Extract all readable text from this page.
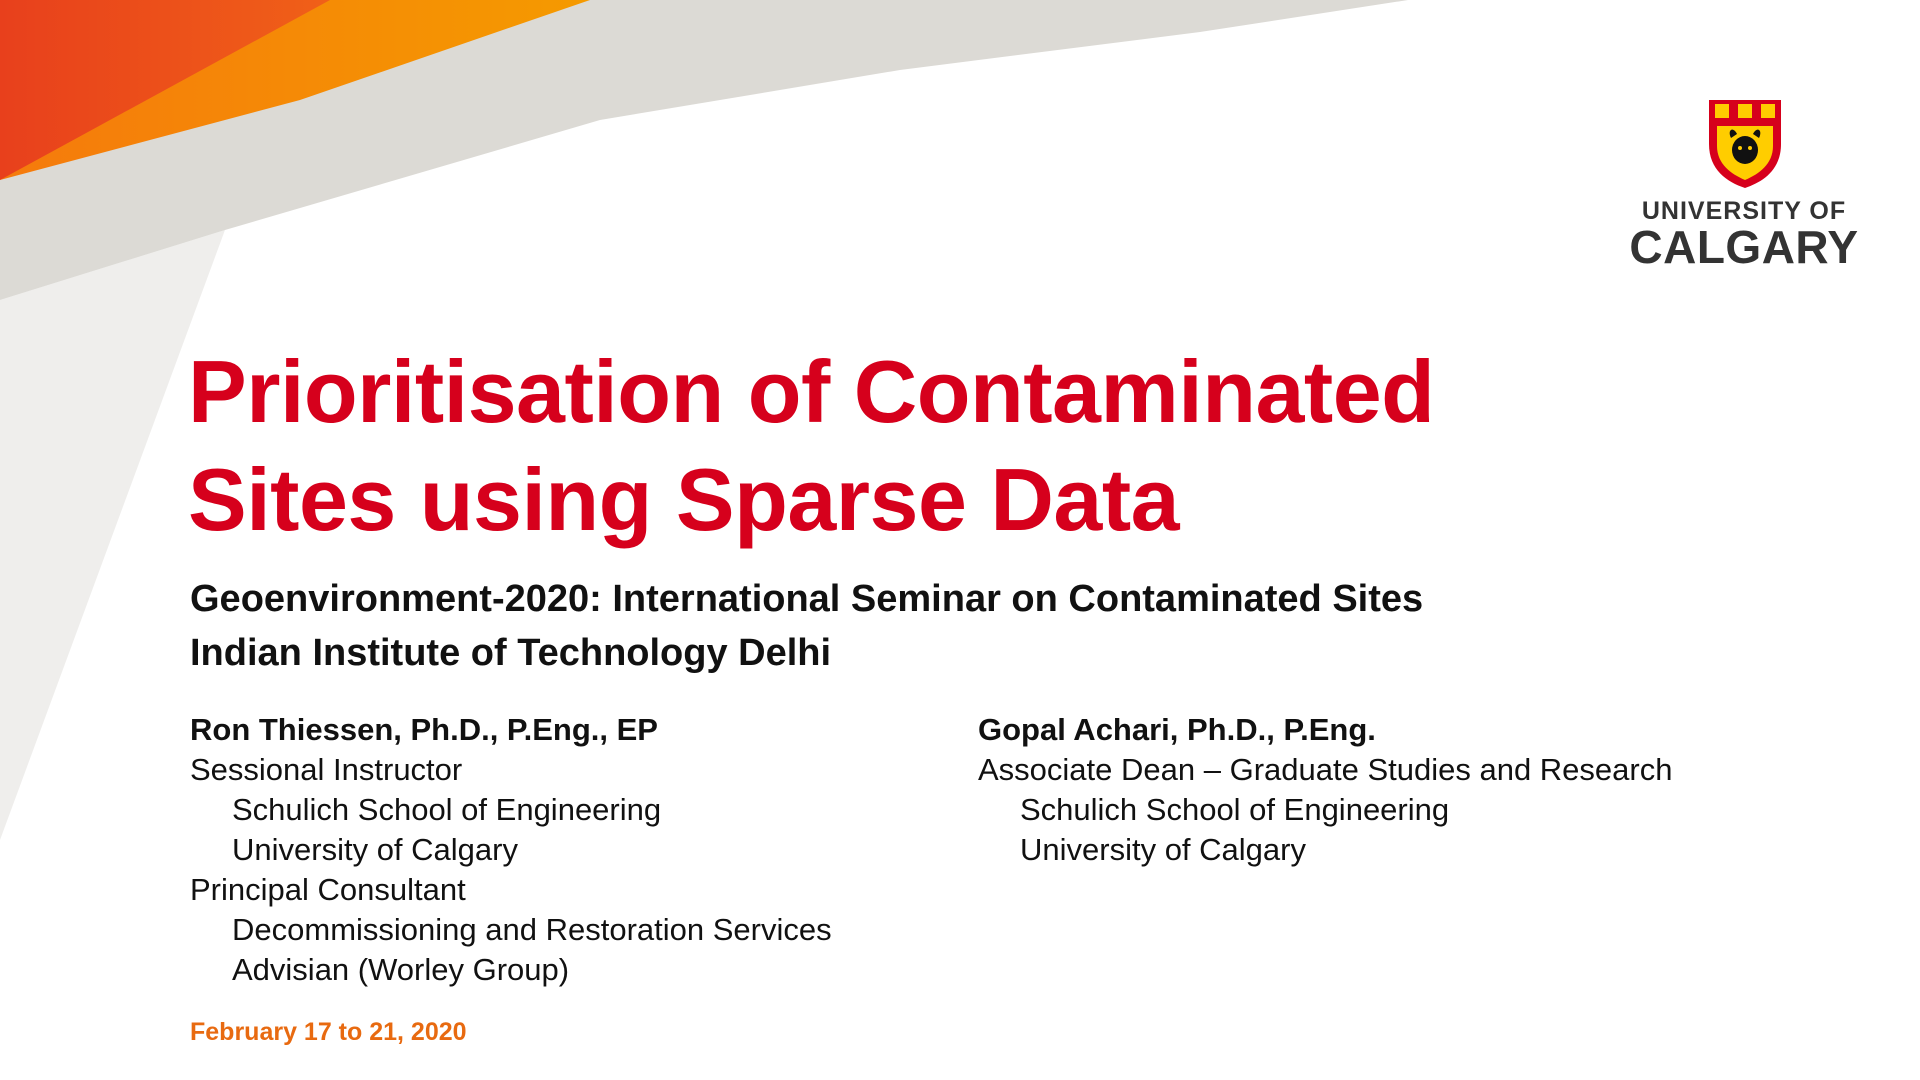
UNIVERSITY OF
CALGARY
Prioritisation of Contaminated
Sites using Sparse Data
Geoenvironment-2020: International Seminar on Contaminated Sites
Indian Institute of Technology Delhi
Ron Thiessen, Ph.D., P.Eng., EP
Sessional Instructor
Schulich School of Engineering
University of Calgary
Principal Consultant
Decommissioning and Restoration Services
Advisian (Worley Group)
Gopal Achari, Ph.D., P.Eng.
Associate Dean – Graduate Studies and Research
Schulich School of Engineering
University of Calgary
February 17 to 21, 2020
